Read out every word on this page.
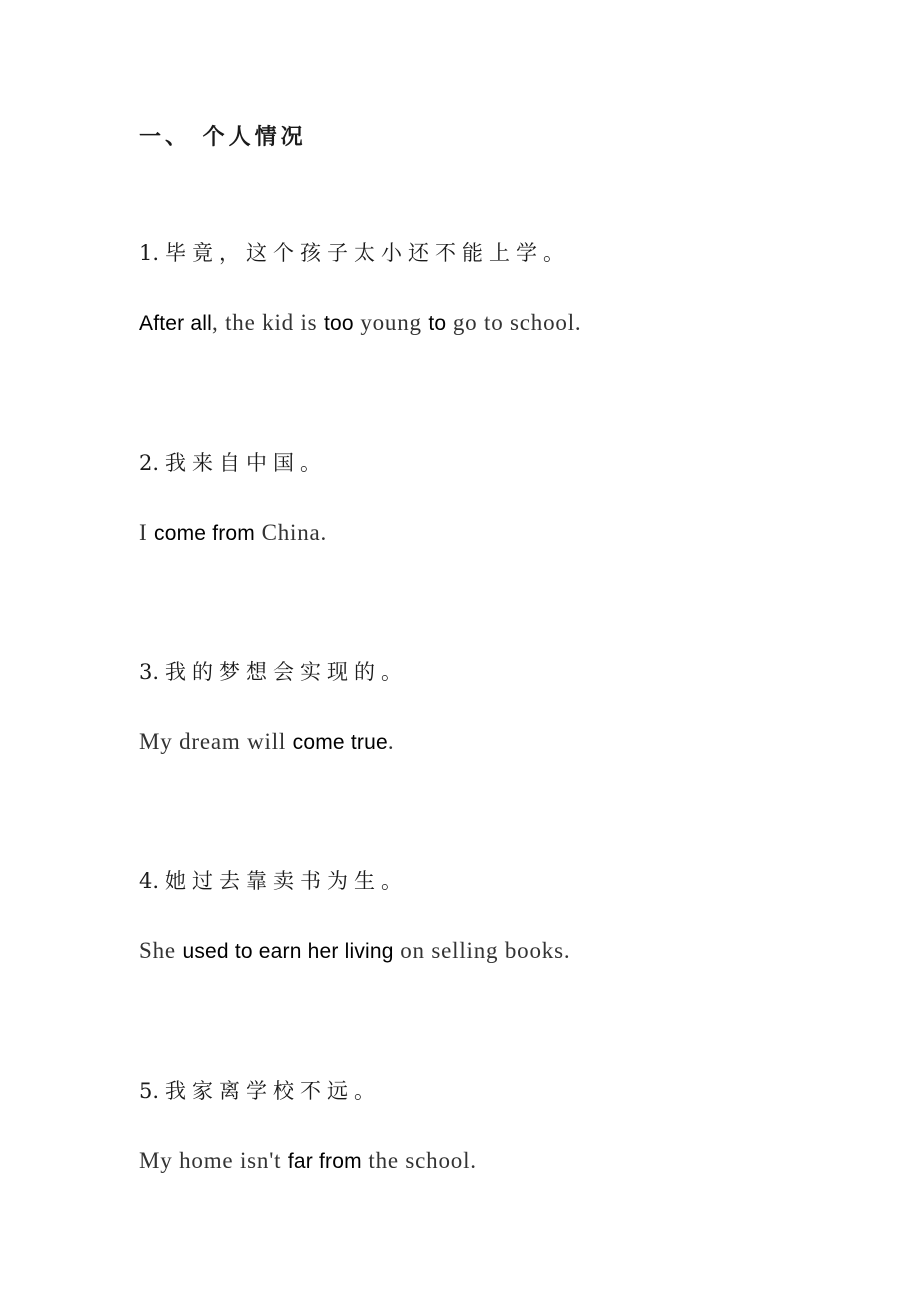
一、 个人情况
1. 毕竟，这个孩子太小还不能上学。
After all, the kid is too young to go to school.
2. 我来自中国。
I come from China.
3. 我的梦想会实现的。
My dream will come true.
4. 她过去靠卖书为生。
She used to earn her living on selling books.
5. 我家离学校不远。
My home isn't far from the school.
